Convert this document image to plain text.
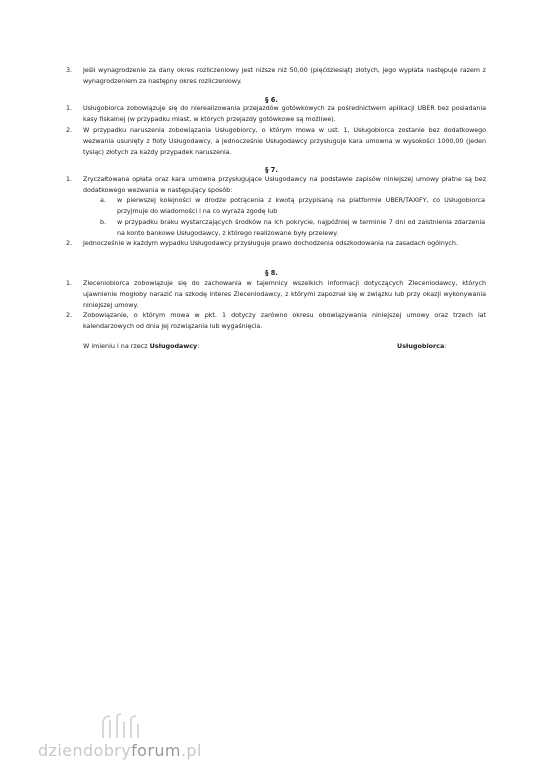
3. Jeśli wynagrodzenie za dany okres rozliczeniowy jest niższe niż 50,00 (pięćdziesiąt) złotych, jego wypłata następuje razem z wynagrodzeniem za następny okres rozliczeniowy.
§ 6.
1. Usługobiorca zobowiązuje się do nierealizowania przejazdów gotówkowych za pośrednictwem aplikacji UBER bez posiadania kasy fiskalnej (w przypadku miast, w których przejazdy gotówkowe są możliwe).
2. W przypadku naruszenia zobowiązania Usługobiorcy, o którym mowa w ust. 1, Usługobiorca zostanie bez dodatkowego wezwania usunięty z floty Usługodawcy, a jednocześnie Usługodawcy przysługuje kara umowna w wysokości 1000,00 (jeden tysiąc) złotych za każdy przypadek naruszenia.
§ 7.
1. Zryczałtowana opłata oraz kara umowna przysługujące Usługodawcy na podstawie zapisów niniejszej umowy płatne są bez dodatkowego wezwania w następujący sposób:
a. w pierwszej kolejności w drodze potrącenia z kwotą przypisaną na platformie UBER/TAXIFY, co Usługobiorca przyjmuje do wiadomości i na co wyraża zgodę lub
b. w przypadku braku wystarczających środków na ich pokrycie, najpóźniej w terminie 7 dni od zaistnienia zdarzenia na konto bankowe Usługodawcy, z którego realizowane były przelewy.
2. Jednocześnie w każdym wypadku Usługodawcy przysługuje prawo dochodzenia odszkodowania na zasadach ogólnych.
§ 8.
1. Zleceniobiorca zobowiązuje się do zachowania w tajemnicy wszelkich informacji dotyczących Zleceniodawcy, których ujawnienie mogłoby narazić na szkodę interes Zleceniodawcy, z którymi zapoznał się w związku lub przy okazji wykonywania niniejszej umowy.
2. Zobowiązanie, o którym mowa w pkt. 1 dotyczy zarówno okresu obowiązywania niniejszej umowy oraz trzech lat kalendarzowych od dnia jej rozwiązania lub wygaśnięcia.
W imieniu i na rzecz Usługodawcy:	Usługobiorca:
dziendobryforum.pl
